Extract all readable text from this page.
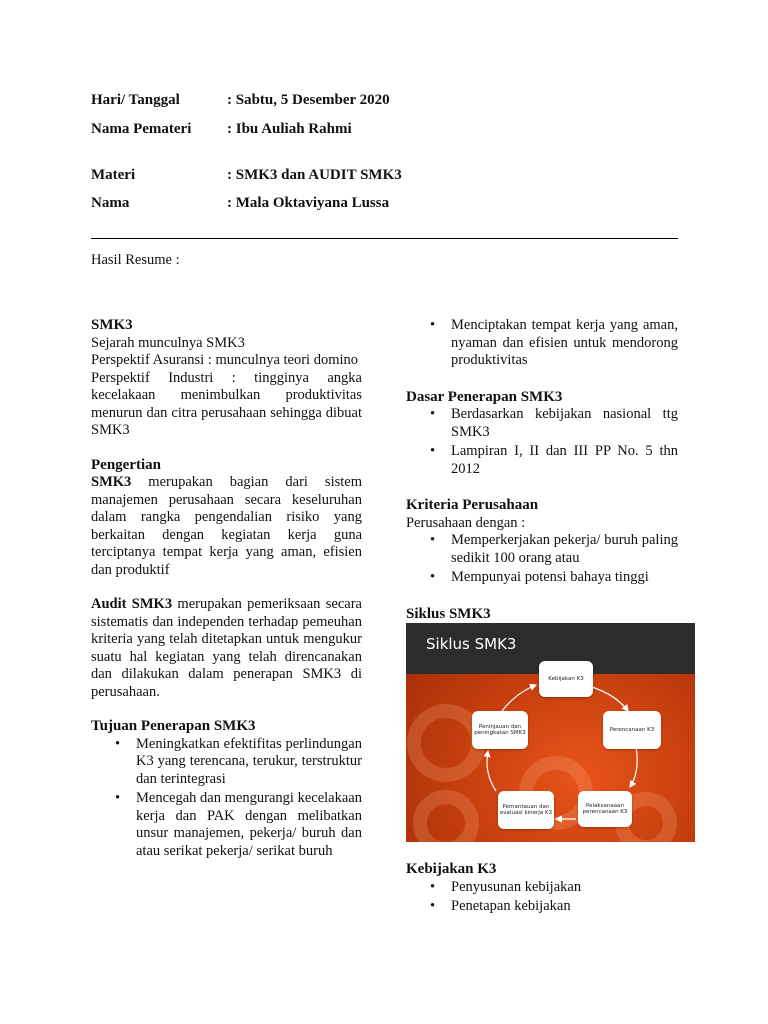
Hari/ Tanggal	: Sabtu, 5 Desember 2020
Nama Pemateri : Ibu Auliah Rahmi
Materi	: SMK3 dan AUDIT SMK3
Nama	: Mala Oktaviyana Lussa
Hasil Resume :
SMK3

Sejarah munculnya SMK3

Perspektif Asuransi : munculnya teori domino

Perspektif Industri : tingginya angka kecelakaan menimbulkan produktivitas menurun dan citra perusahaan sehingga dibuat SMK3

Pengertian

SMK3 merupakan bagian dari sistem manajemen perusahaan secara keseluruhan dalam rangka pengendalian risiko yang berkaitan dengan kegiatan kerja guna terciptanya tempat kerja yang aman, efisien dan produktif

Audit SMK3 merupakan pemeriksaan secara sistematis dan independen terhadap pemeuhan kriteria yang telah ditetapkan untuk mengukur suatu hal kegiatan yang telah direncanakan dan dilakukan dalam penerapan SMK3 di perusahaan.

Tujuan Penerapan SMK3
• Meningkatkan efektifitas perlindungan K3 yang terencana, terukur, terstruktur dan terintegrasi
• Mencegah dan mengurangi kecelakaan kerja dan PAK dengan melibatkan unsur manajemen, pekerja/ buruh dan atau serikat pekerja/ serikat buruh
• Menciptakan tempat kerja yang aman, nyaman dan efisien untuk mendorong produktivitas
Dasar Penerapan SMK3
• Berdasarkan kebijakan nasional ttg SMK3
• Lampiran I, II dan III PP No. 5 thn 2012
Kriteria Perusahaan

Perusahaan dengan :

• Memperkerjakan pekerja/ buruh paling sedikit 100 orang atau
• Mempunyai potensi bahaya tinggi
Siklus SMK3
Siklus SMK3
Kebijakan K3
Perencanaan K3
Pelaksanaaan perencanaan K3
Pemantauan dan evaluasi kinerja K3
Peninjauan dan peningkatan SMK3
Kebijakan K3
• Penyusunan kebijakan
• Penetapan kebijakan
